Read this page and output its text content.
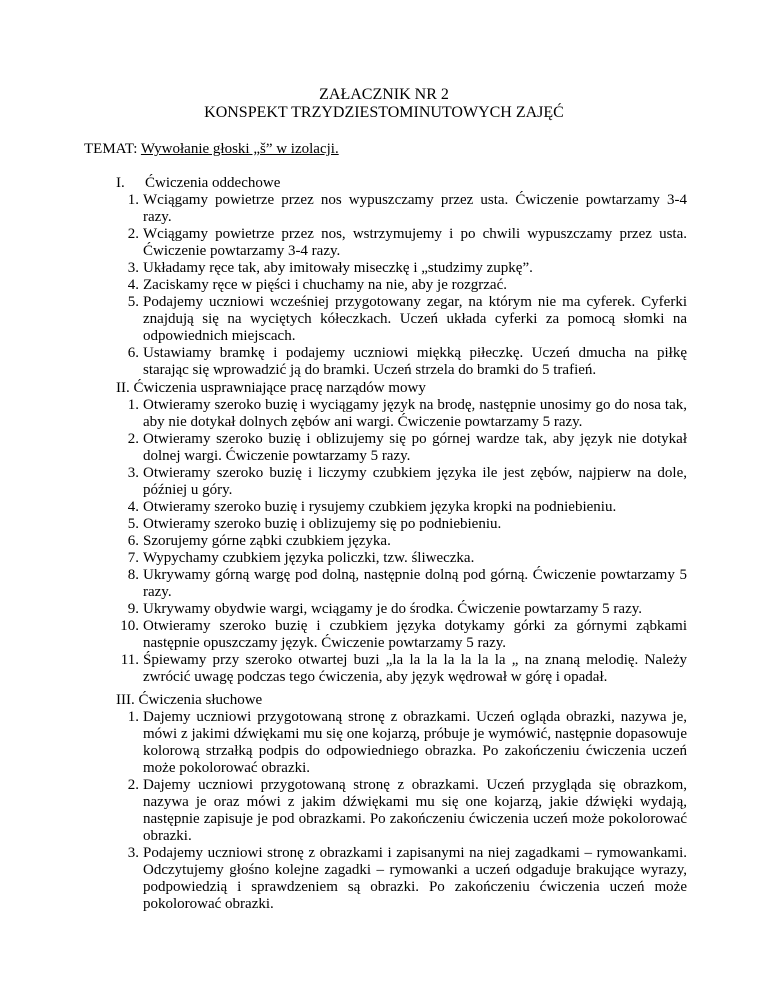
ZAŁACZNIK NR 2
KONSPEKT TRZYDZIESTOMINUTOWYCH ZAJĘĆ
TEMAT: Wywołanie głoski „š” w izolacji.
I. Ćwiczenia oddechowe
1. Wciągamy powietrze przez nos wypuszczamy przez usta. Ćwiczenie powtarzamy 3-4 razy.
2. Wciągamy powietrze przez nos, wstrzymujemy i po chwili wypuszczamy przez usta. Ćwiczenie powtarzamy 3-4 razy.
3. Układamy ręce tak, aby imitowały miseczkę i „studzimy zupkę”.
4. Zaciskamy ręce w pięści i chuchamy na nie, aby je rozgrzać.
5. Podajemy uczniowi wcześniej przygotowany zegar, na którym nie ma cyferek. Cyferki znajdują się na wyciętych kółeczkach. Uczeń układa cyferki za pomocą słomki na odpowiednich miejscach.
6. Ustawiamy bramkę i podajemy uczniowi miękką piłeczkę. Uczeń dmucha na piłkę starając się wprowadzić ją do bramki. Uczeń strzela do bramki do 5 trafień.
II. Ćwiczenia usprawniające pracę narządów mowy
1. Otwieramy szeroko buzię i wyciągamy język na brodę, następnie unosimy go do nosa tak, aby nie dotykał dolnych zębów ani wargi. Ćwiczenie powtarzamy 5 razy.
2. Otwieramy szeroko buzię i oblizujemy się po górnej wardze tak, aby język nie dotykał dolnej wargi. Ćwiczenie powtarzamy 5 razy.
3. Otwieramy szeroko buzię i liczymy czubkiem języka ile jest zębów, najpierw na dole, później u góry.
4. Otwieramy szeroko buzię i rysujemy czubkiem języka kropki na podniebieniu.
5. Otwieramy szeroko buzię i oblizujemy się po podniebieniu.
6. Szorujemy górne ząbki czubkiem języka.
7. Wypychamy czubkiem języka policzki, tzw. śliweczka.
8. Ukrywamy górną wargę pod dolną, następnie dolną pod górną. Ćwiczenie powtarzamy 5 razy.
9. Ukrywamy obydwie wargi, wciągamy je do środka. Ćwiczenie powtarzamy 5 razy.
10. Otwieramy szeroko buzię i czubkiem języka dotykamy górki za górnymi ząbkami następnie opuszczamy język. Ćwiczenie powtarzamy 5 razy.
11. Śpiewamy przy szeroko otwartej buzi „la la la la la la la „ na znaną melodię. Należy zwrócić uwagę podczas tego ćwiczenia, aby język wędrował w górę i opadał.
III. Ćwiczenia słuchowe
1. Dajemy uczniowi przygotowaną stronę z obrazkami. Uczeń ogląda obrazki, nazywa je, mówi z jakimi dźwiękami mu się one kojarzą, próbuje je wymówić, następnie dopasowuje kolorową strzałką podpis do odpowiedniego obrazka. Po zakończeniu ćwiczenia uczeń może pokolorować obrazki.
2. Dajemy uczniowi przygotowaną stronę z obrazkami. Uczeń przygląda się obrazkom, nazywa je oraz mówi z jakim dźwiękami mu się one kojarzą, jakie dźwięki wydają, następnie zapisuje je pod obrazkami. Po zakończeniu ćwiczenia uczeń może pokolorować obrazki.
3. Podajemy uczniowi stronę z obrazkami i zapisanymi na niej zagadkami – rymowankami. Odczytujemy głośno kolejne zagadki – rymowanki a uczeń odgaduje brakujące wyrazy, podpowiedzią i sprawdzeniem są obrazki. Po zakończeniu ćwiczenia uczeń może pokolorować obrazki.
